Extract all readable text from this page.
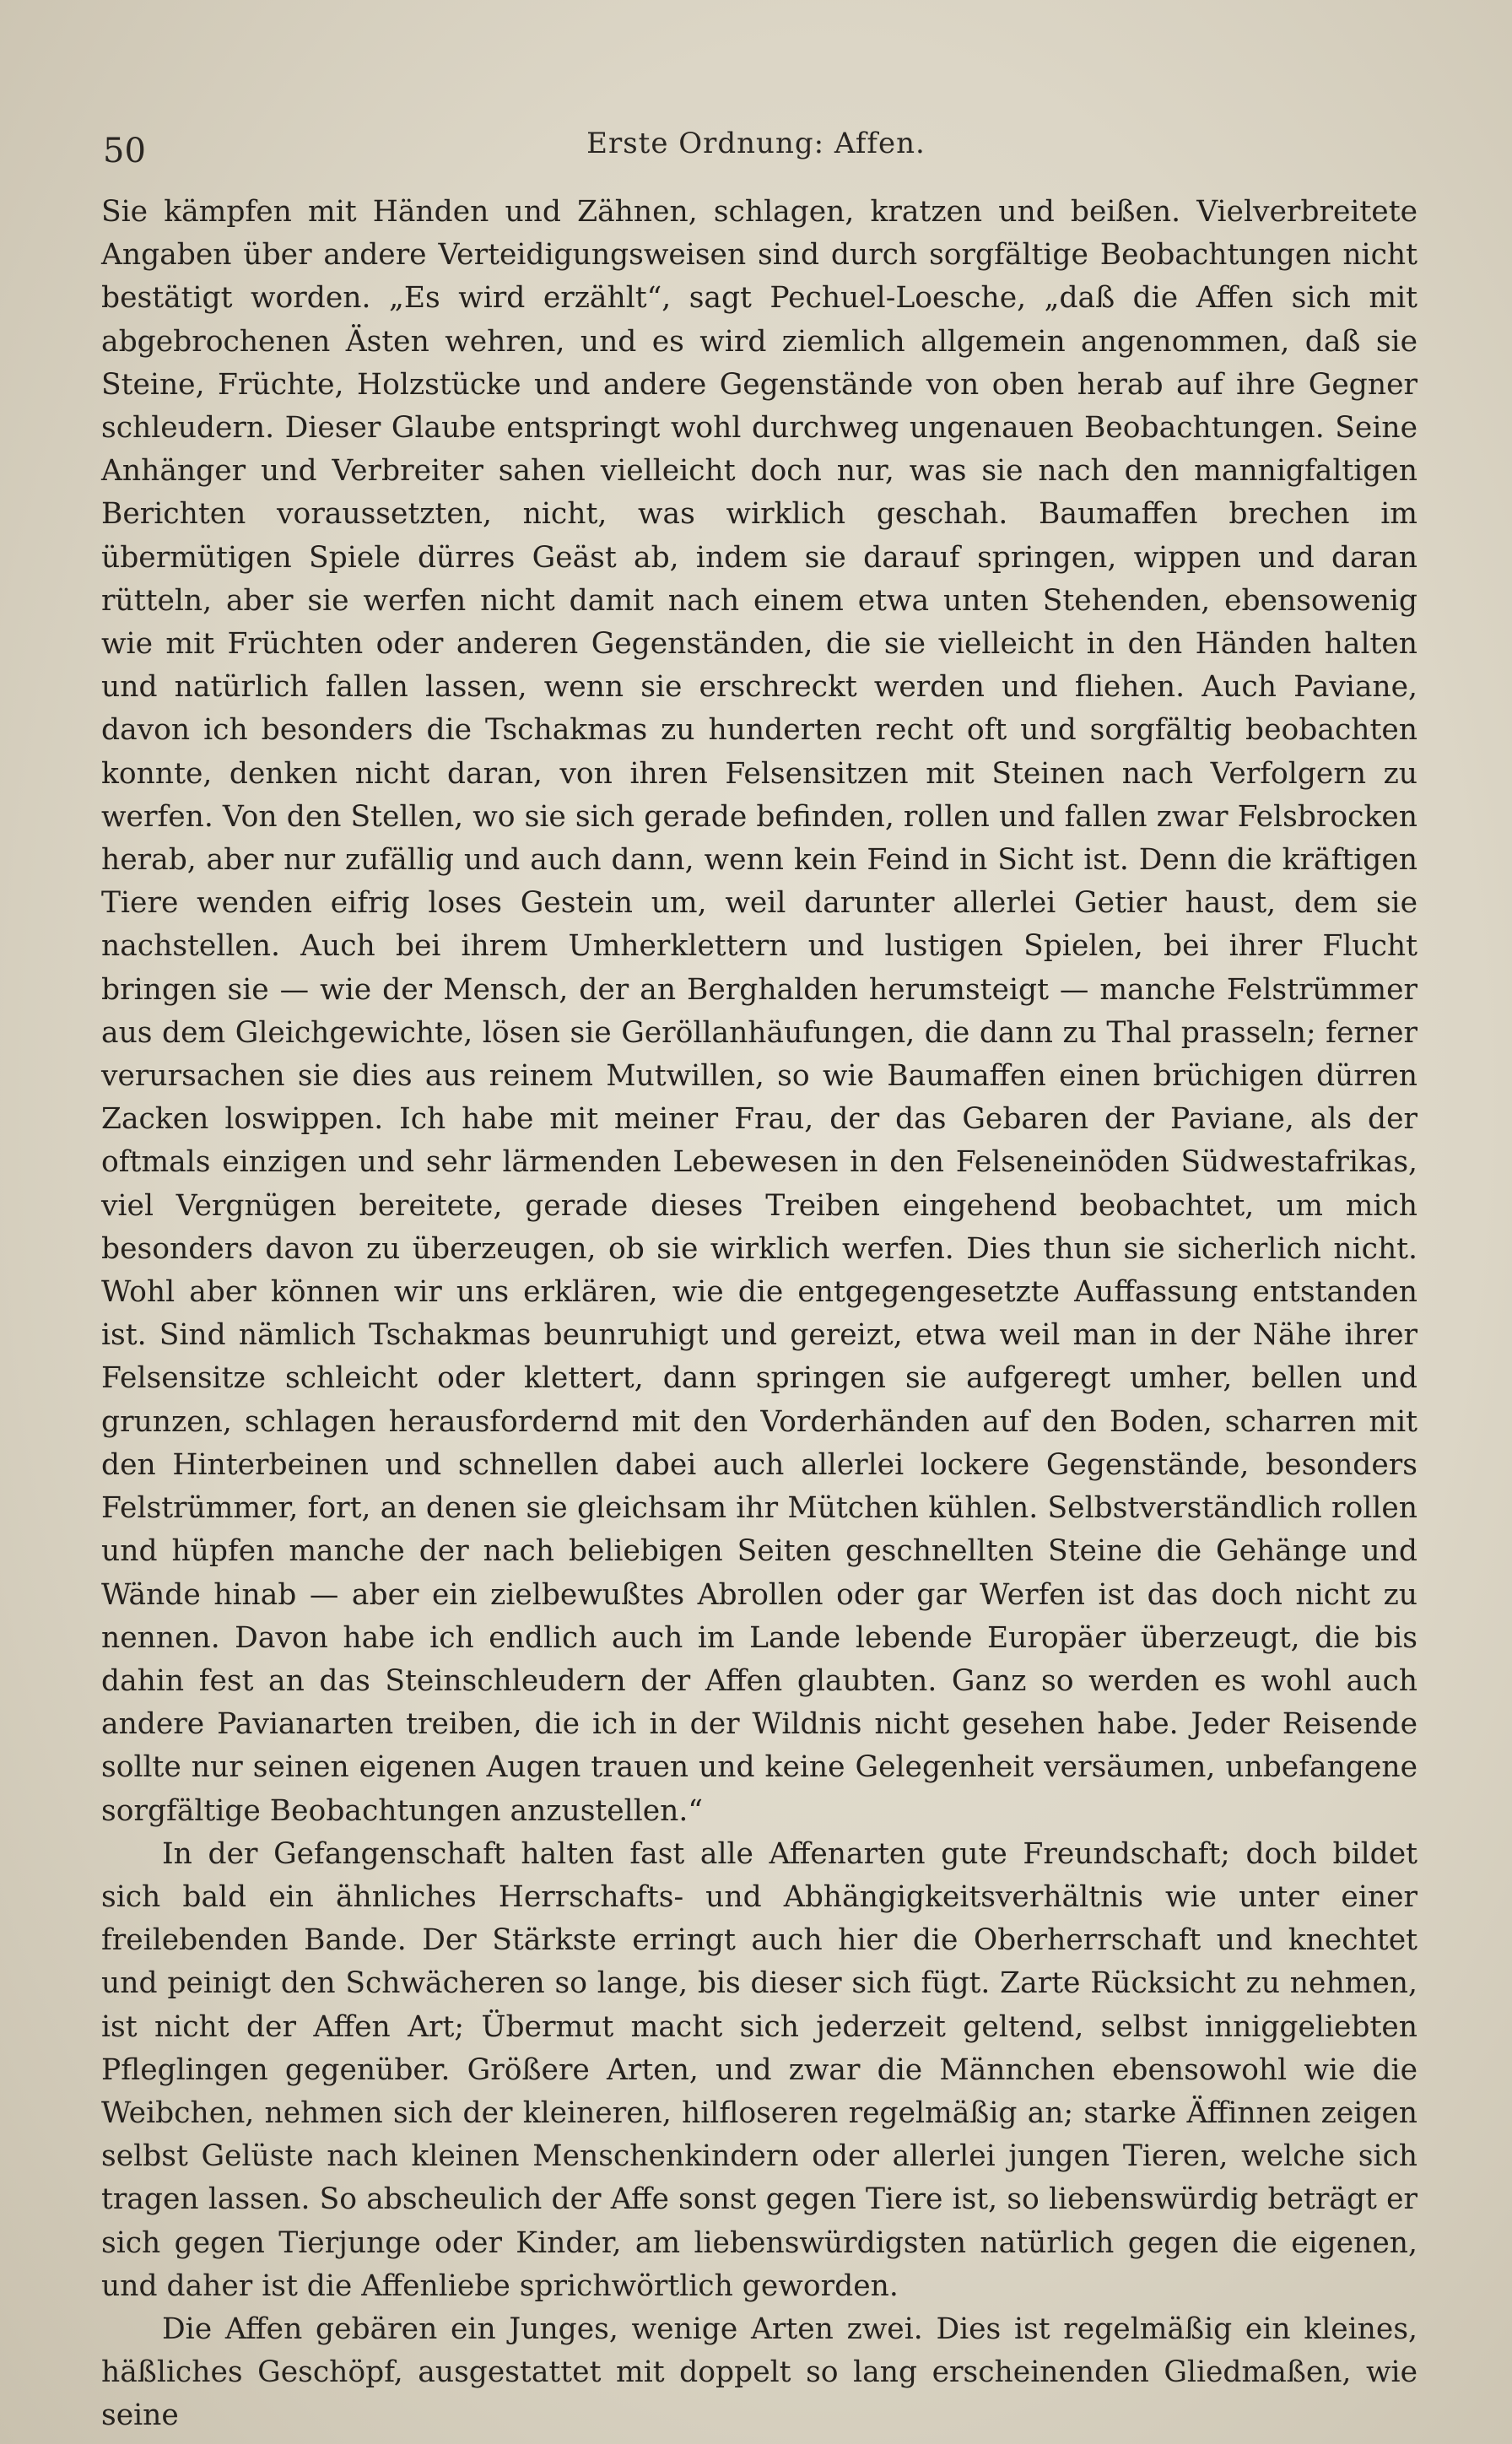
50	Erste Ordnung: Affen.

Sie kämpfen mit Händen und Zähnen, schlagen, kratzen und beißen. Vielverbreitete Angaben über andere Verteidigungsweisen sind durch sorgfältige Beobachtungen nicht bestätigt worden. „Es wird erzählt“, sagt Pechuel-Loesche, „daß die Affen sich mit abgebrochenen Ästen wehren, und es wird ziemlich allgemein angenommen, daß sie Steine, Früchte, Holzstücke und andere Gegenstände von oben herab auf ihre Gegner schleudern. Dieser Glaube entspringt wohl durchweg ungenauen Beobachtungen. Seine Anhänger und Verbreiter sahen vielleicht doch nur, was sie nach den mannigfaltigen Berichten voraussetzten, nicht, was wirklich geschah. Baumaffen brechen im übermütigen Spiele dürres Geäst ab, indem sie darauf springen, wippen und daran rütteln, aber sie werfen nicht damit nach einem etwa unten Stehenden, ebensowenig wie mit Früchten oder anderen Gegenständen, die sie vielleicht in den Händen halten und natürlich fallen lassen, wenn sie erschreckt werden und fliehen. Auch Paviane, davon ich besonders die Tschakmas zu hunderten recht oft und sorgfältig beobachten konnte, denken nicht daran, von ihren Felsensitzen mit Steinen nach Verfolgern zu werfen. Von den Stellen, wo sie sich gerade befinden, rollen und fallen zwar Felsbrocken herab, aber nur zufällig und auch dann, wenn kein Feind in Sicht ist. Denn die kräftigen Tiere wenden eifrig loses Gestein um, weil darunter allerlei Getier haust, dem sie nachstellen. Auch bei ihrem Umherklettern und lustigen Spielen, bei ihrer Flucht bringen sie — wie der Mensch, der an Berghalden herumsteigt — manche Felstrümmer aus dem Gleichgewichte, lösen sie Geröllanhäufungen, die dann zu Thal prasseln; ferner verursachen sie dies aus reinem Mutwillen, so wie Baumaffen einen brüchigen dürren Zacken loswippen. Ich habe mit meiner Frau, der das Gebaren der Paviane, als der oftmals einzigen und sehr lärmenden Lebewesen in den Felseneinöden Südwestafrikas, viel Vergnügen bereitete, gerade dieses Treiben eingehend beobachtet, um mich besonders davon zu überzeugen, ob sie wirklich werfen. Dies thun sie sicherlich nicht. Wohl aber können wir uns erklären, wie die entgegengesetzte Auffassung entstanden ist. Sind nämlich Tschakmas beunruhigt und gereizt, etwa weil man in der Nähe ihrer Felsensitze schleicht oder klettert, dann springen sie aufgeregt umher, bellen und grunzen, schlagen herausfordernd mit den Vorderhänden auf den Boden, scharren mit den Hinterbeinen und schnellen dabei auch allerlei lockere Gegenstände, besonders Felstrümmer, fort, an denen sie gleichsam ihr Mütchen kühlen. Selbstverständlich rollen und hüpfen manche der nach beliebigen Seiten geschnellten Steine die Gehänge und Wände hinab — aber ein zielbewußtes Abrollen oder gar Werfen ist das doch nicht zu nennen. Davon habe ich endlich auch im Lande lebende Europäer überzeugt, die bis dahin fest an das Steinschleudern der Affen glaubten. Ganz so werden es wohl auch andere Pavianarten treiben, die ich in der Wildnis nicht gesehen habe. Jeder Reisende sollte nur seinen eigenen Augen trauen und keine Gelegenheit versäumen, unbefangene sorgfältige Beobachtungen anzustellen.“

In der Gefangenschaft halten fast alle Affenarten gute Freundschaft; doch bildet sich bald ein ähnliches Herrschafts- und Abhängigkeitsverhältnis wie unter einer freilebenden Bande. Der Stärkste erringt auch hier die Oberherrschaft und knechtet und peinigt den Schwächeren so lange, bis dieser sich fügt. Zarte Rücksicht zu nehmen, ist nicht der Affen Art; Übermut macht sich jederzeit geltend, selbst inniggeliebten Pfleglingen gegenüber. Größere Arten, und zwar die Männchen ebensowohl wie die Weibchen, nehmen sich der kleineren, hilfloseren regelmäßig an; starke Äffinnen zeigen selbst Gelüste nach kleinen Menschenkindern oder allerlei jungen Tieren, welche sich tragen lassen. So abscheulich der Affe sonst gegen Tiere ist, so liebenswürdig beträgt er sich gegen Tierjunge oder Kinder, am liebenswürdigsten natürlich gegen die eigenen, und daher ist die Affenliebe sprichwörtlich geworden.

Die Affen gebären ein Junges, wenige Arten zwei. Dies ist regelmäßig ein kleines, häßliches Geschöpf, ausgestattet mit doppelt so lang erscheinenden Gliedmaßen, wie seine
